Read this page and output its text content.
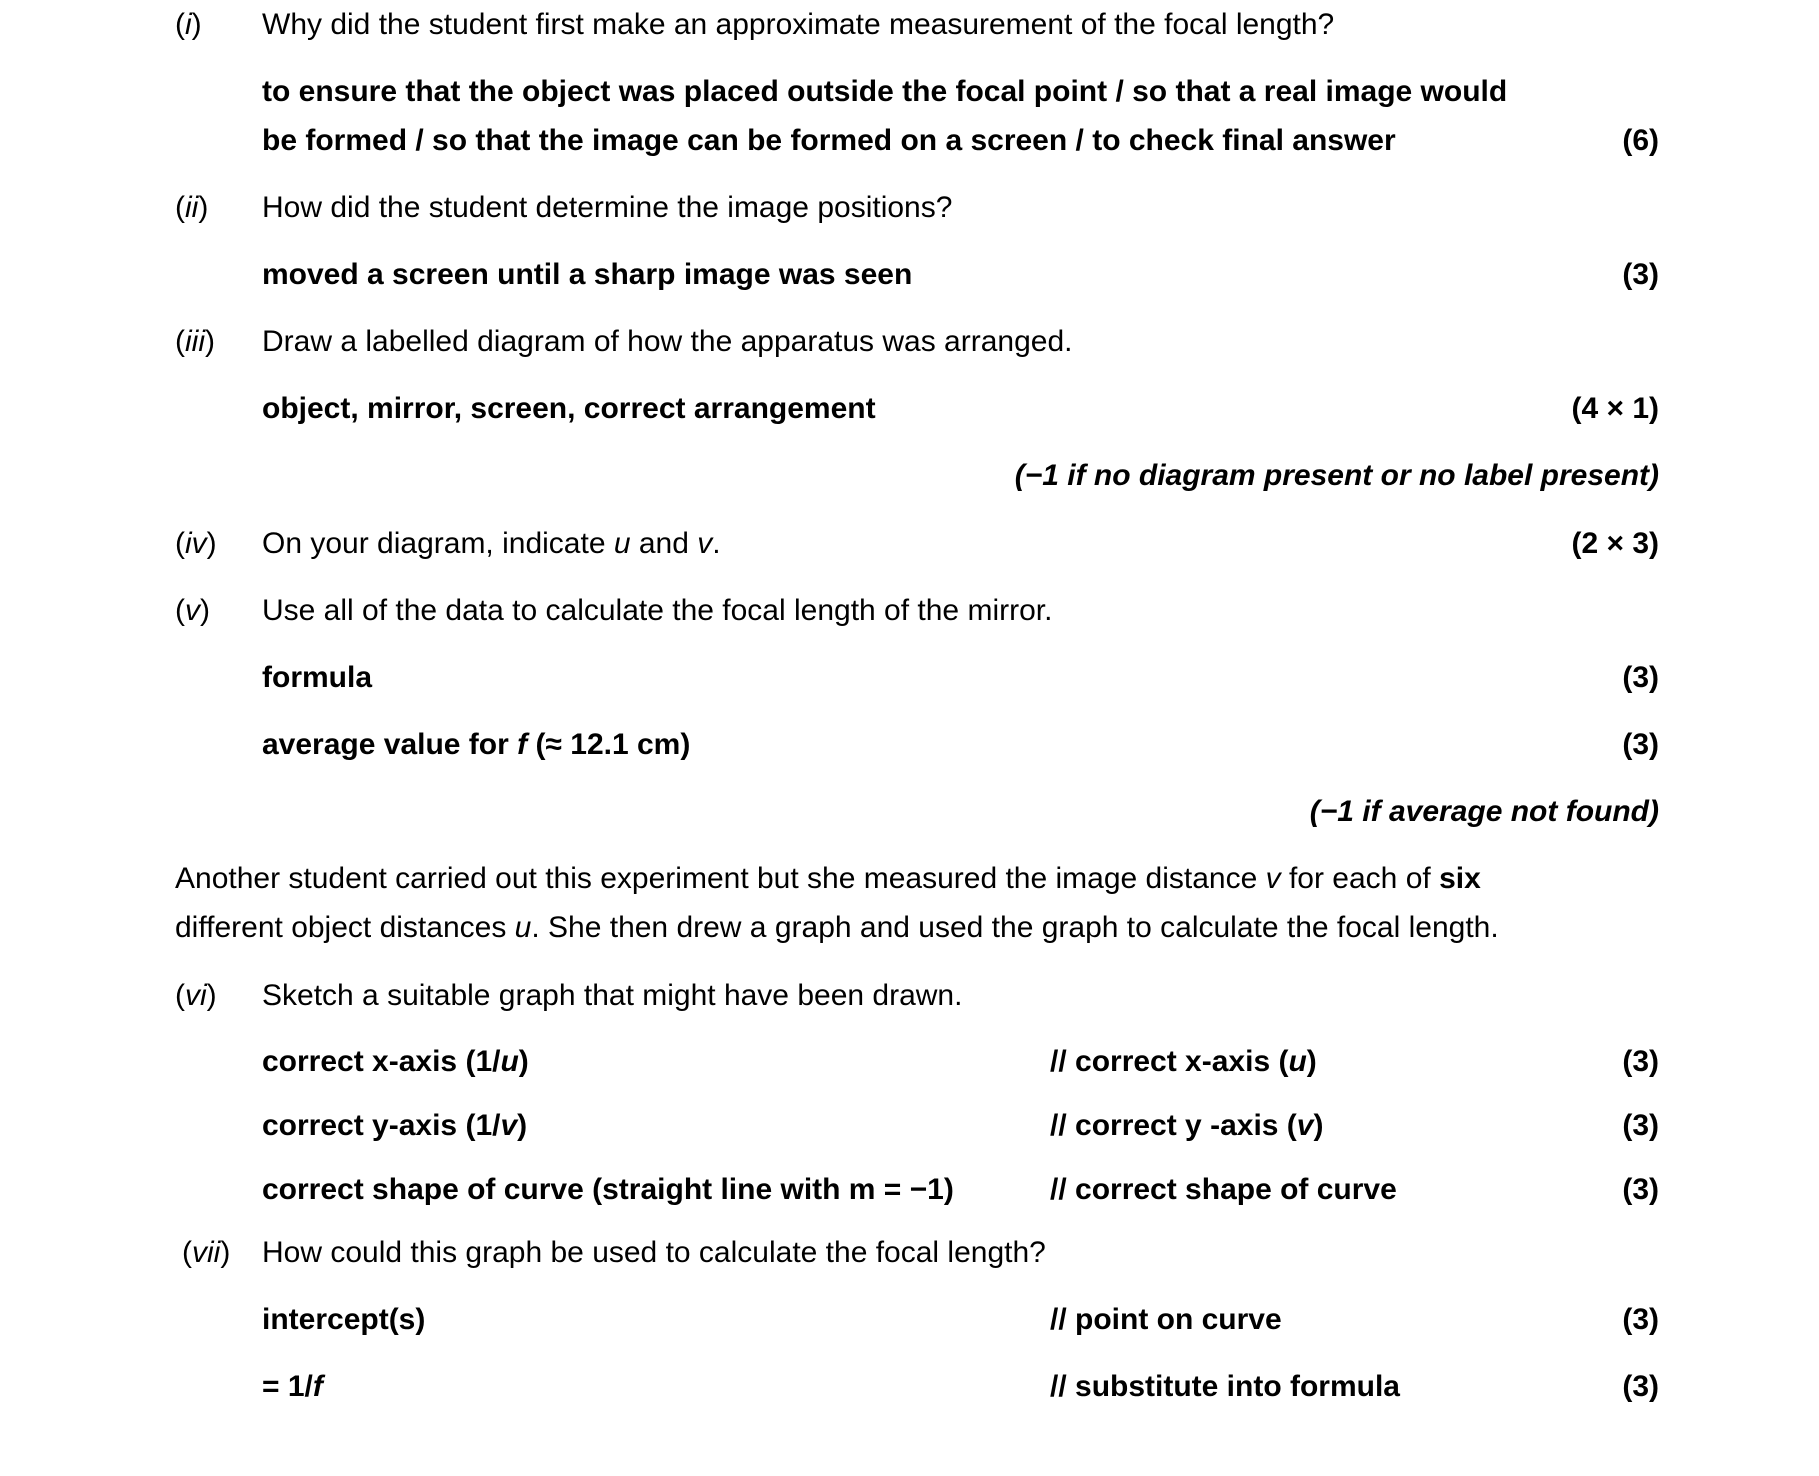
(i) Why did the student first make an approximate measurement of the focal length?
to ensure that the object was placed outside the focal point / so that a real image would
be formed / so that the image can be formed on a screen / to check final answer	(6)
(ii) How did the student determine the image positions?
moved a screen until a sharp image was seen	(3)
(iii) Draw a labelled diagram of how the apparatus was arranged.
object, mirror, screen, correct arrangement	(4 × 1)
(−1 if no diagram present or no label present)
(iv) On your diagram, indicate u and v.	(2 × 3)
(v) Use all of the data to calculate the focal length of the mirror.
formula	(3)
average value for f (≈ 12.1 cm)	(3)
(−1 if average not found)
Another student carried out this experiment but she measured the image distance v for each of six
different object distances u. She then drew a graph and used the graph to calculate the focal length.
(vi) Sketch a suitable graph that might have been drawn.
correct x-axis (1/u)	// correct x-axis (u)	(3)
correct y-axis (1/v)	// correct y -axis (v)	(3)
correct shape of curve (straight line with m = −1)	// correct shape of curve	(3)
(vii) How could this graph be used to calculate the focal length?
intercept(s)	// point on curve	(3)
= 1/f	// substitute into formula	(3)
